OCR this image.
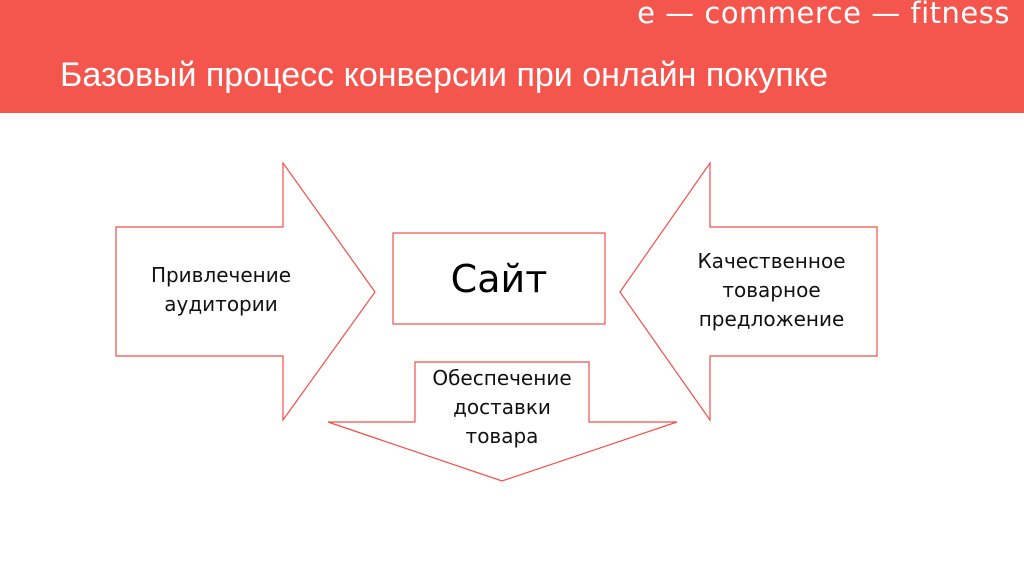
e — commerce — fitness
Базовый процесс конверсии при онлайн покупке
Сайт
Привлечение
аудитории
Качественное
товарное
предложение
Обеспечение
доставки
товара
